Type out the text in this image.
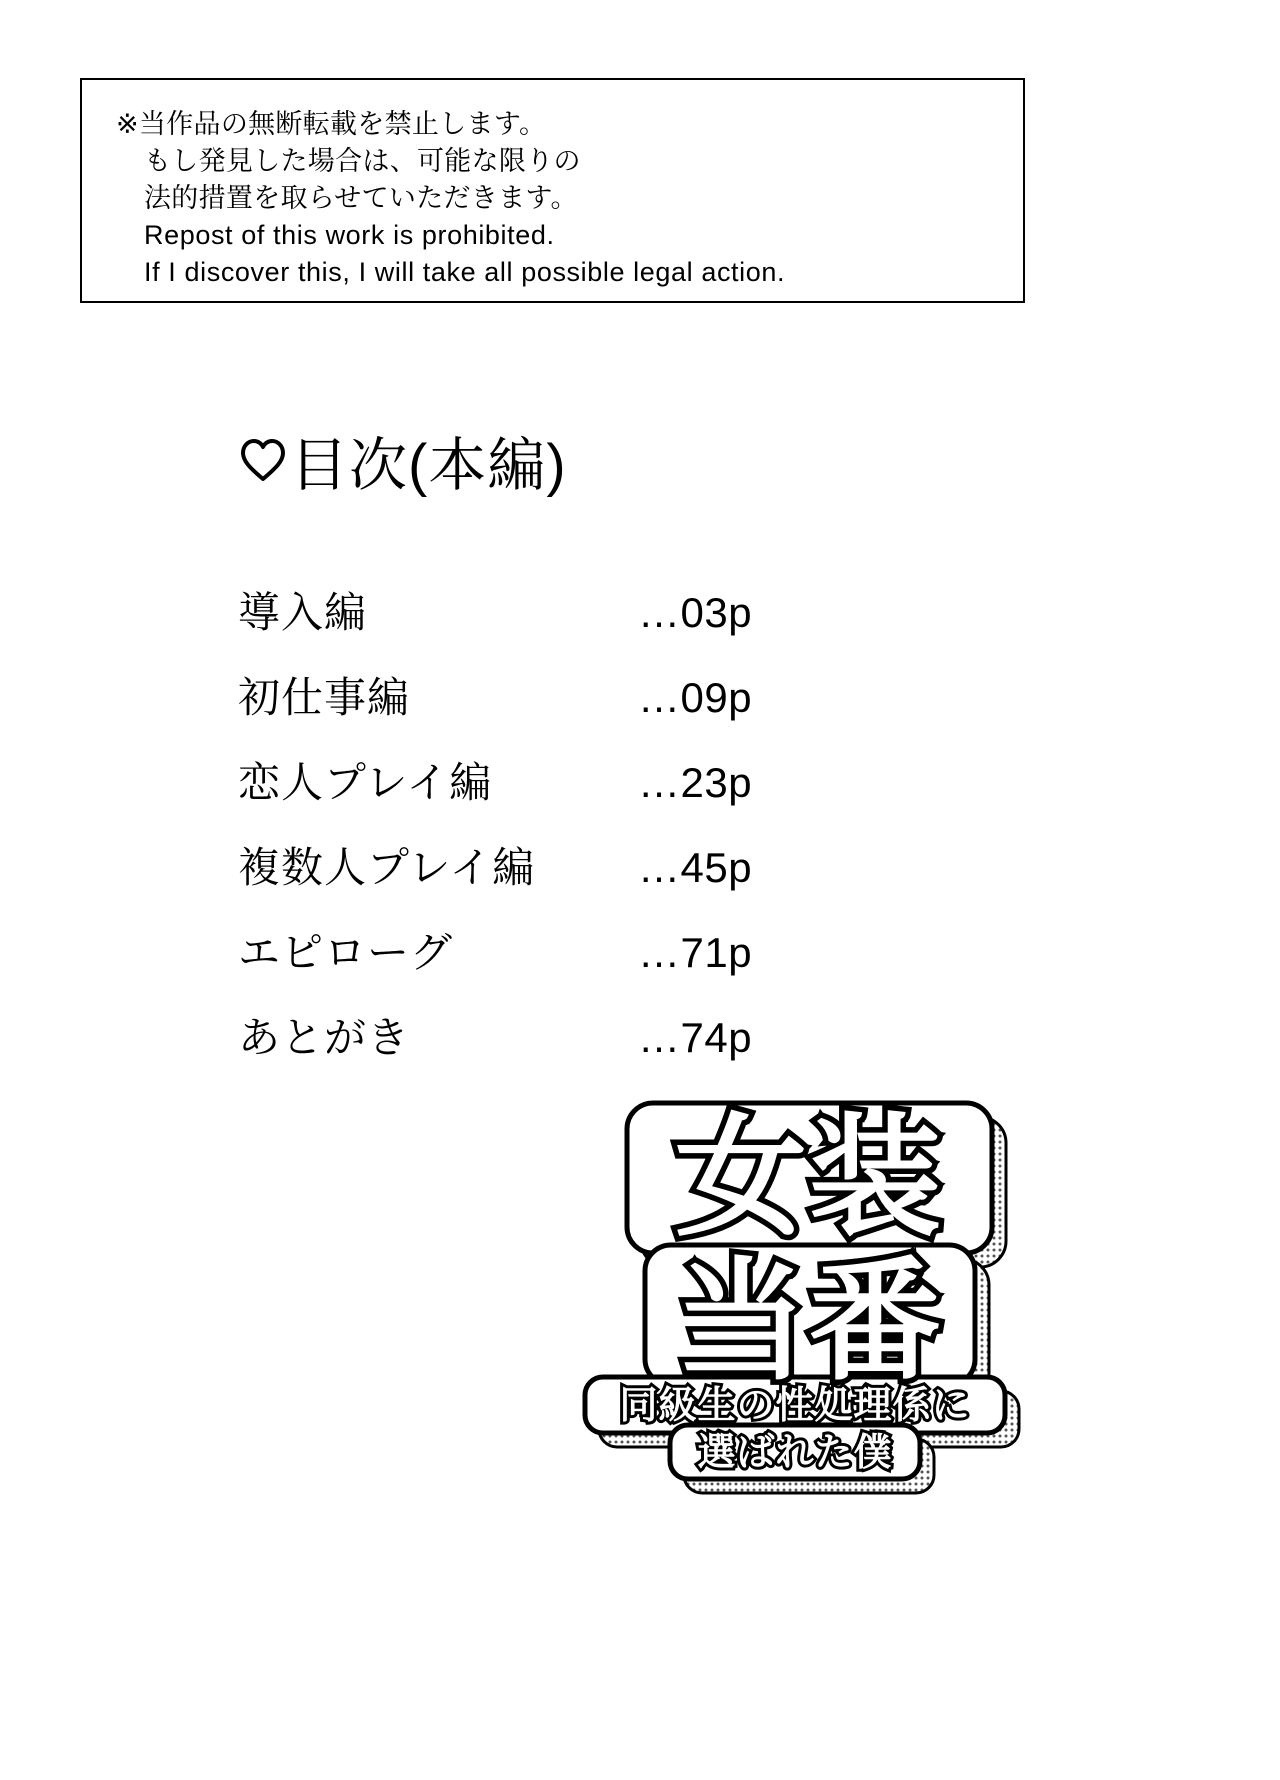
※当作品の無断転載を禁止します。
もし発見した場合は、可能な限りの
法的措置を取らせていただきます。
Repost of this work is prohibited.
If I discover this, I will take all possible legal action.
目次(本編)
導入編	…03p
初仕事編	…09p
恋人プレイ編	…23p
複数人プレイ編	…45p
エピローグ	…71p
あとがき	…74p
女装
当番
同級生の性処理係に
選ばれた僕
